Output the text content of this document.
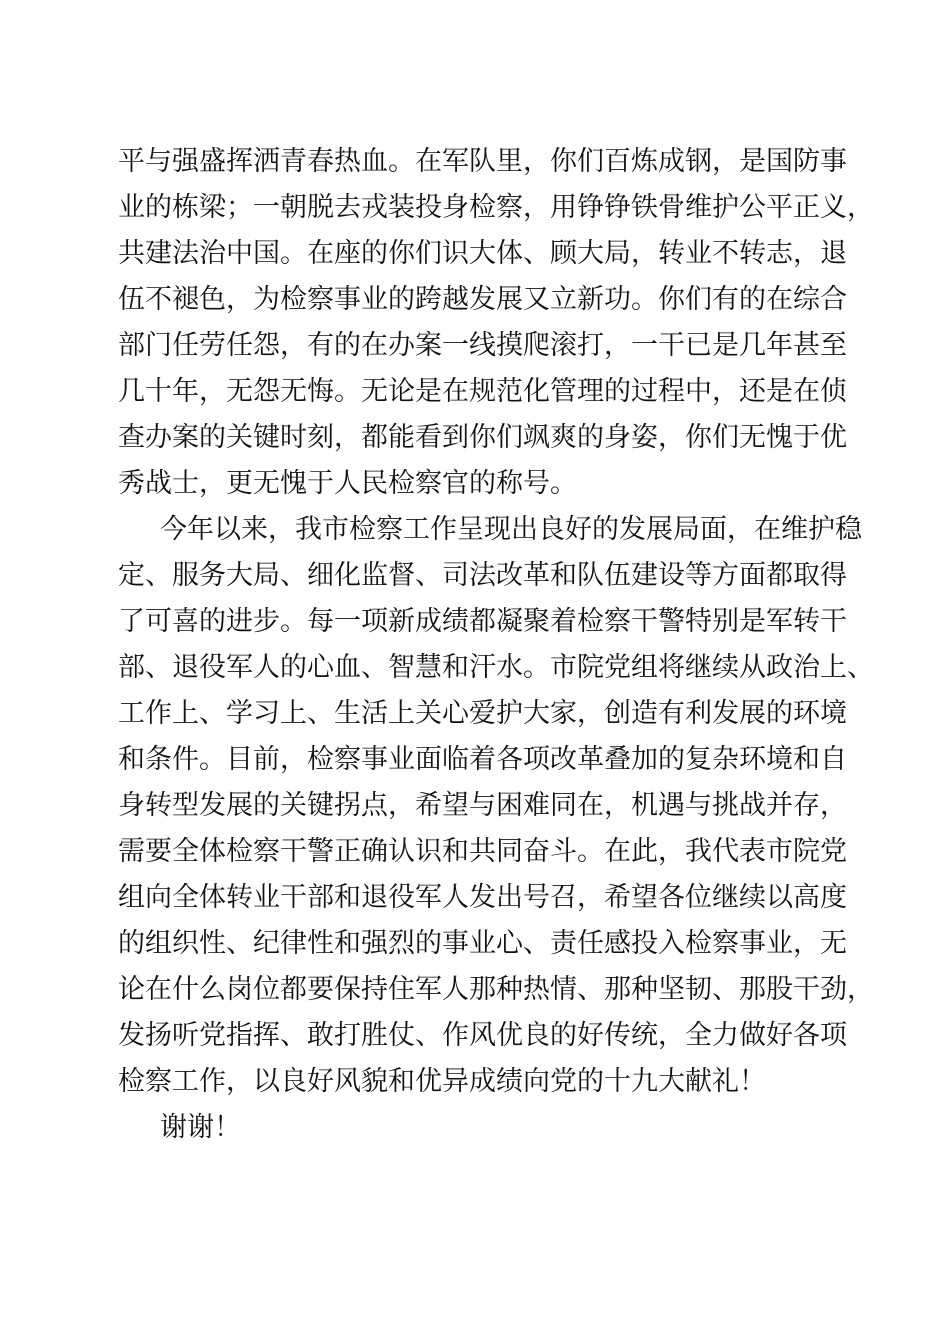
平与强盛挥洒青春热血。在军队里，你们百炼成钢，是国防事
业的栋梁；一朝脱去戎装投身检察，用铮铮铁骨维护公平正义，
共建法治中国。在座的你们识大体、顾大局，转业不转志，退
伍不褪色，为检察事业的跨越发展又立新功。你们有的在综合
部门任劳任怨，有的在办案一线摸爬滚打，一干已是几年甚至
几十年，无怨无悔。无论是在规范化管理的过程中，还是在侦
查办案的关键时刻，都能看到你们飒爽的身姿，你们无愧于优
秀战士，更无愧于人民检察官的称号。
今年以来，我市检察工作呈现出良好的发展局面，在维护稳
定、服务大局、细化监督、司法改革和队伍建设等方面都取得
了可喜的进步。每一项新成绩都凝聚着检察干警特别是军转干
部、退役军人的心血、智慧和汗水。市院党组将继续从政治上、
工作上、学习上、生活上关心爱护大家，创造有利发展的环境
和条件。目前，检察事业面临着各项改革叠加的复杂环境和自
身转型发展的关键拐点，希望与困难同在，机遇与挑战并存，
需要全体检察干警正确认识和共同奋斗。在此，我代表市院党
组向全体转业干部和退役军人发出号召，希望各位继续以高度
的组织性、纪律性和强烈的事业心、责任感投入检察事业，无
论在什么岗位都要保持住军人那种热情、那种坚韧、那股干劲，
发扬听党指挥、敢打胜仗、作风优良的好传统，全力做好各项
检察工作，以良好风貌和优异成绩向党的十九大献礼！
谢谢！
